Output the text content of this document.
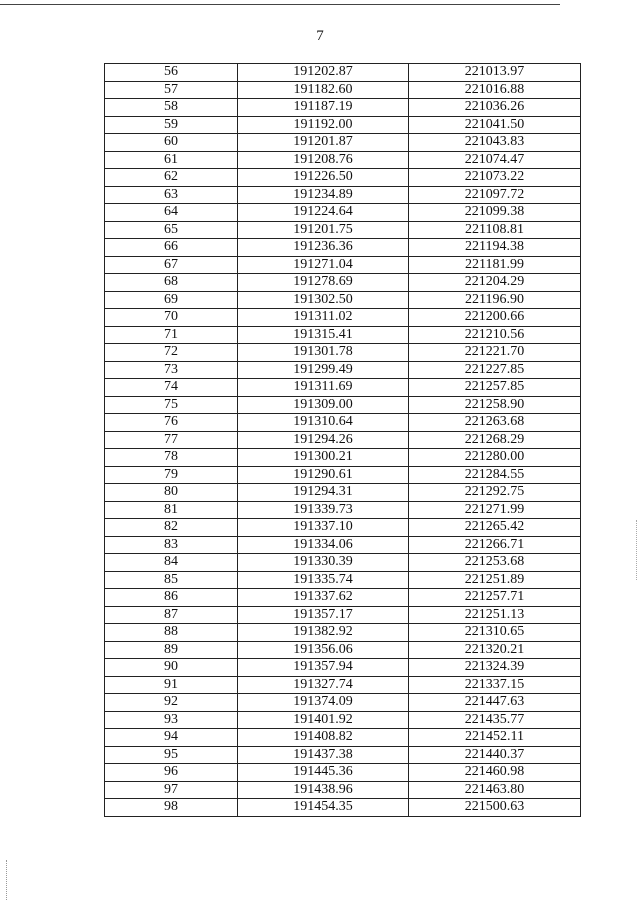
7
56	191202.87	221013.97
57	191182.60	221016.88
58	191187.19	221036.26
59	191192.00	221041.50
60	191201.87	221043.83
61	191208.76	221074.47
62	191226.50	221073.22
63	191234.89	221097.72
64	191224.64	221099.38
65	191201.75	221108.81
66	191236.36	221194.38
67	191271.04	221181.99
68	191278.69	221204.29
69	191302.50	221196.90
70	191311.02	221200.66
71	191315.41	221210.56
72	191301.78	221221.70
73	191299.49	221227.85
74	191311.69	221257.85
75	191309.00	221258.90
76	191310.64	221263.68
77	191294.26	221268.29
78	191300.21	221280.00
79	191290.61	221284.55
80	191294.31	221292.75
81	191339.73	221271.99
82	191337.10	221265.42
83	191334.06	221266.71
84	191330.39	221253.68
85	191335.74	221251.89
86	191337.62	221257.71
87	191357.17	221251.13
88	191382.92	221310.65
89	191356.06	221320.21
90	191357.94	221324.39
91	191327.74	221337.15
92	191374.09	221447.63
93	191401.92	221435.77
94	191408.82	221452.11
95	191437.38	221440.37
96	191445.36	221460.98
97	191438.96	221463.80
98	191454.35	221500.63
